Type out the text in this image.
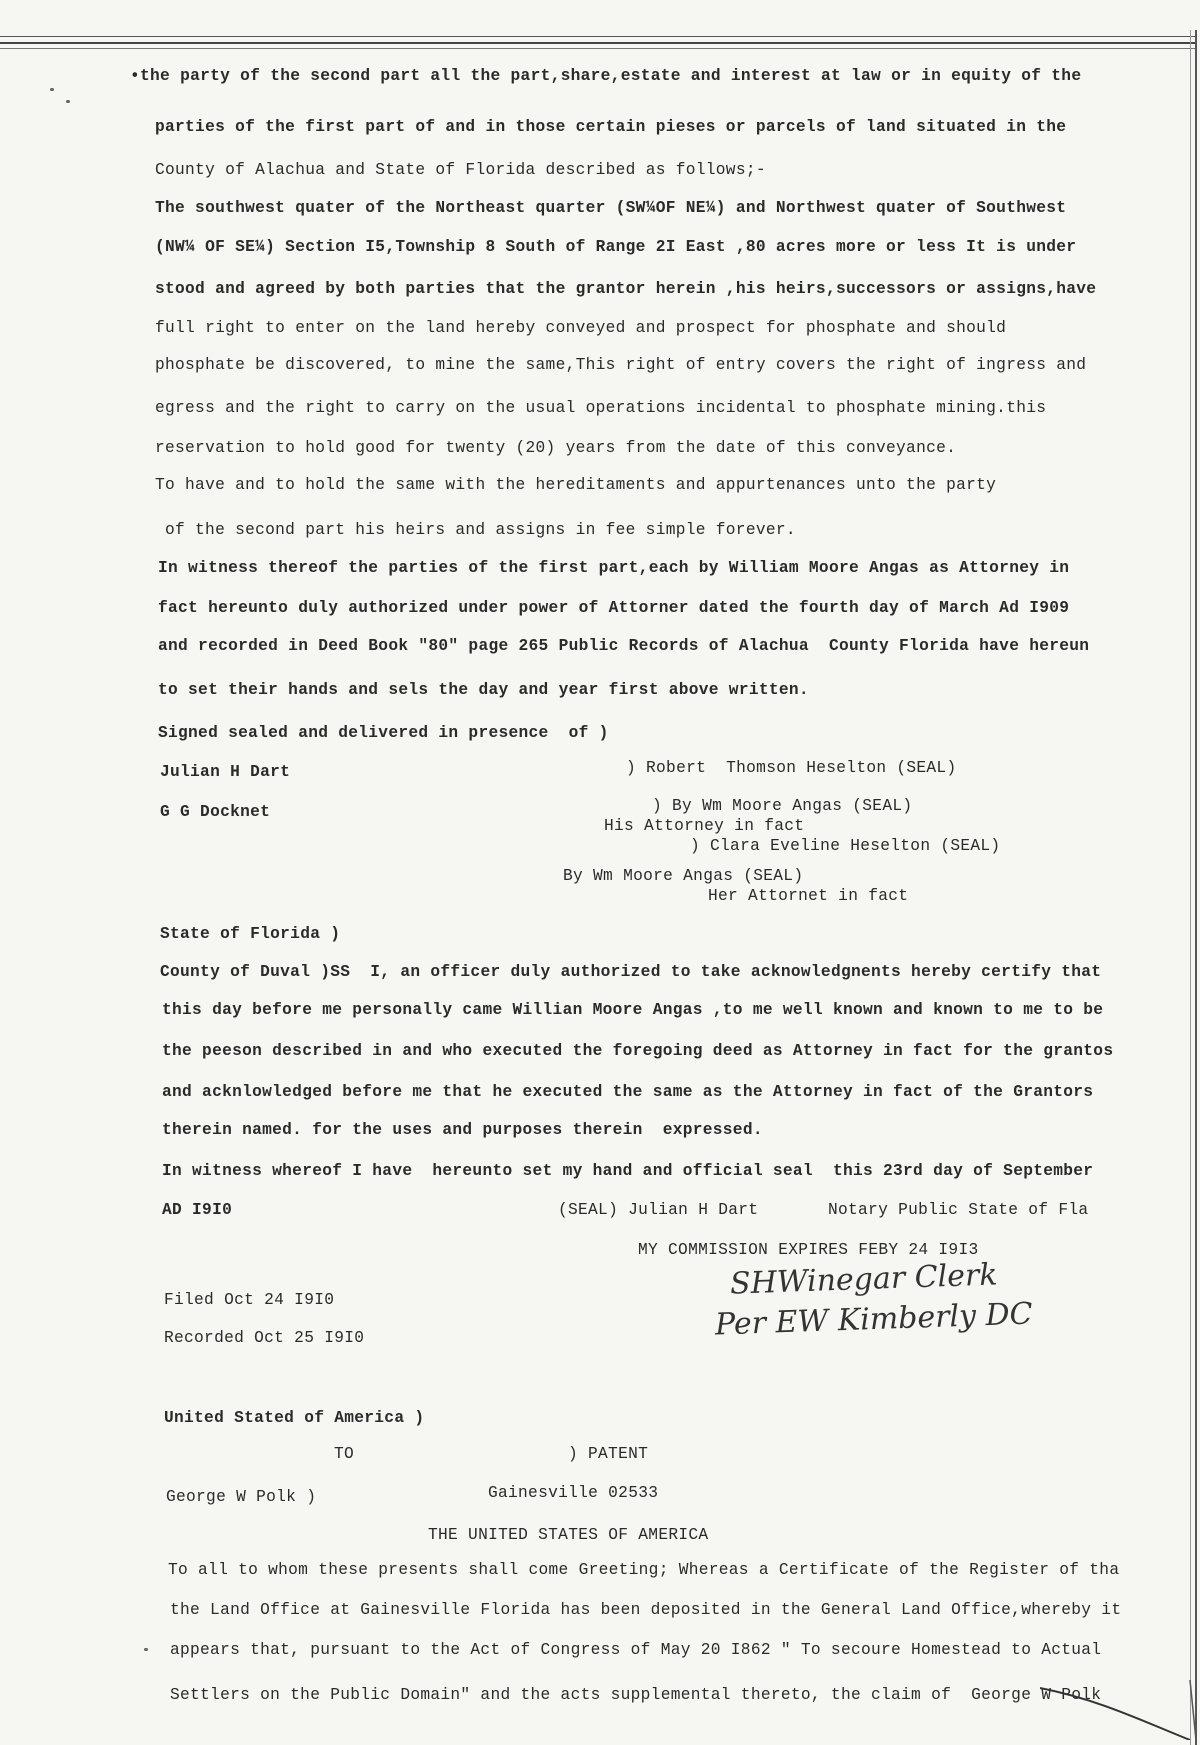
•the party of the second part all the part,share,estate and interest at law or in equity of the
parties of the first part of and in those certain pieses or parcels of land situated in the
County of Alachua and State of Florida described as follows;-
The southwest quater of the Northeast quarter (SW¼OF NE¼) and Northwest quater of Southwest
(NW¼ OF SE¼) Section I5,Township 8 South of Range 2I East ,80 acres more or less It is under
stood and agreed by both parties that the grantor herein ,his heirs,successors or assigns,have
full right to enter on the land hereby conveyed and prospect for phosphate and should
phosphate be discovered, to mine the same,This right of entry covers the right of ingress and
egress and the right to carry on the usual operations incidental to phosphate mining.this
reservation to hold good for twenty (20) years from the date of this conveyance.
To have and to hold the same with the hereditaments and appurtenances unto the party
of the second part his heirs and assigns in fee simple forever.
In witness thereof the parties of the first part,each by William Moore Angas as Attorney in
fact hereunto duly authorized under power of Attorner dated the fourth day of March Ad I909
and recorded in Deed Book "80" page 265 Public Records of Alachua  County Florida have hereun
to set their hands and sels the day and year first above written.
Signed sealed and delivered in presence  of )
Julian H Dart	) Robert  Thomson Heselton (SEAL)
G G Docknet	) By Wm Moore Angas (SEAL)
His Attorney in fact
) Clara Eveline Heselton (SEAL)
By Wm Moore Angas (SEAL)
Her Attornet in fact
State of Florida )
County of Duval )SS  I, an officer duly authorized to take acknowledgnents hereby certify that
this day before me personally came Willian Moore Angas ,to me well known and known to me to be
the peeson described in and who executed the foregoing deed as Attorney in fact for the grantos
and acknlowledged before me that he executed the same as the Attorney in fact of the Grantors
therein named. for the uses and purposes therein  expressed.
In witness whereof I have  hereunto set my hand and official seal  this 23rd day of September
AD I9I0	(SEAL) Julian H Dart	Notary Public State of Fla
MY COMMISSION EXPIRES FEBY 24 I9I3
Filed Oct 24 I9I0
Recorded Oct 25 I9I0
SHWinegar Clerk
Per EW Kimberly DC
United Stated of America )
TO	) PATENT
George W Polk )	Gainesville 02533
THE UNITED STATES OF AMERICA
To all to whom these presents shall come Greeting; Whereas a Certificate of the Register of tha
the Land Office at Gainesville Florida has been deposited in the General Land Office,whereby it
appears that, pursuant to the Act of Congress of May 20 I862 " To secoure Homestead to Actual
Settlers on the Public Domain" and the acts supplemental thereto, the claim of  George W Polk
